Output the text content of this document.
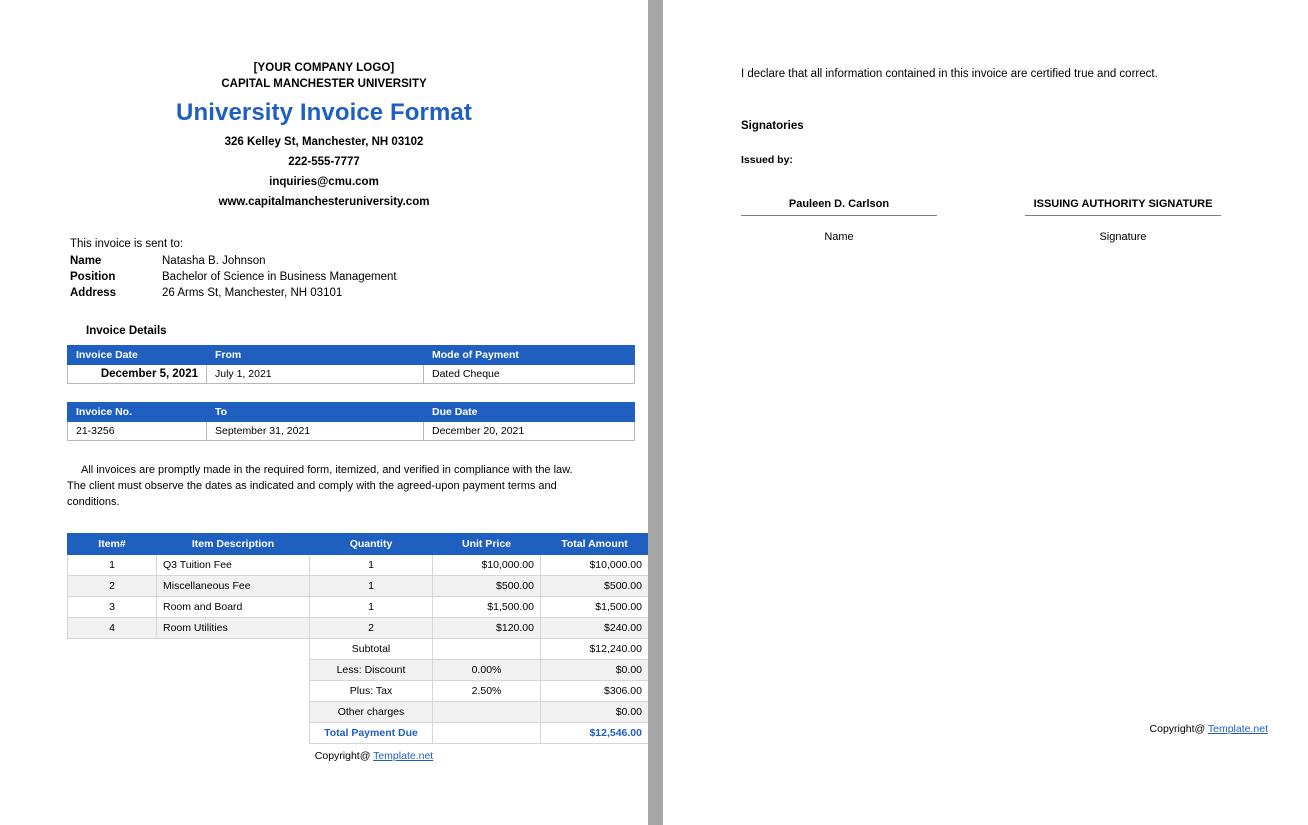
[YOUR COMPANY LOGO]
CAPITAL MANCHESTER UNIVERSITY
University Invoice Format
326 Kelley St, Manchester, NH 03102
222-555-7777
inquiries@cmu.com
www.capitalmanchesteruniversity.com
This invoice is sent to:
Name	Natasha B. Johnson
Position	Bachelor of Science in Business Management
Address	26 Arms St, Manchester, NH 03101
Invoice Details
Invoice Date	From	Mode of Payment
December 5, 2021	July 1, 2021	Dated Cheque
Invoice No.	To	Due Date
21-3256	September 31, 2021	December 20, 2021
All invoices are promptly made in the required form, itemized, and verified in compliance with the law. The client must observe the dates as indicated and comply with the agreed-upon payment terms and conditions.
Item#	Item Description	Quantity	Unit Price	Total Amount
1	Q3 Tuition Fee	1	$10,000.00	$10,000.00
2	Miscellaneous Fee	1	$500.00	$500.00
3	Room and Board	1	$1,500.00	$1,500.00
4	Room Utilities	2	$120.00	$240.00
		Subtotal		$12,240.00
		Less: Discount	0.00%	$0.00
		Plus: Tax	2.50%	$306.00
		Other charges		$0.00
		Total Payment Due		$12,546.00
Copyright@ Template.net
I declare that all information contained in this invoice are certified true and correct.
Signatories
Issued by:
Pauleen D. Carlson
Name
ISSUING AUTHORITY SIGNATURE
Signature
Copyright@ Template.net
